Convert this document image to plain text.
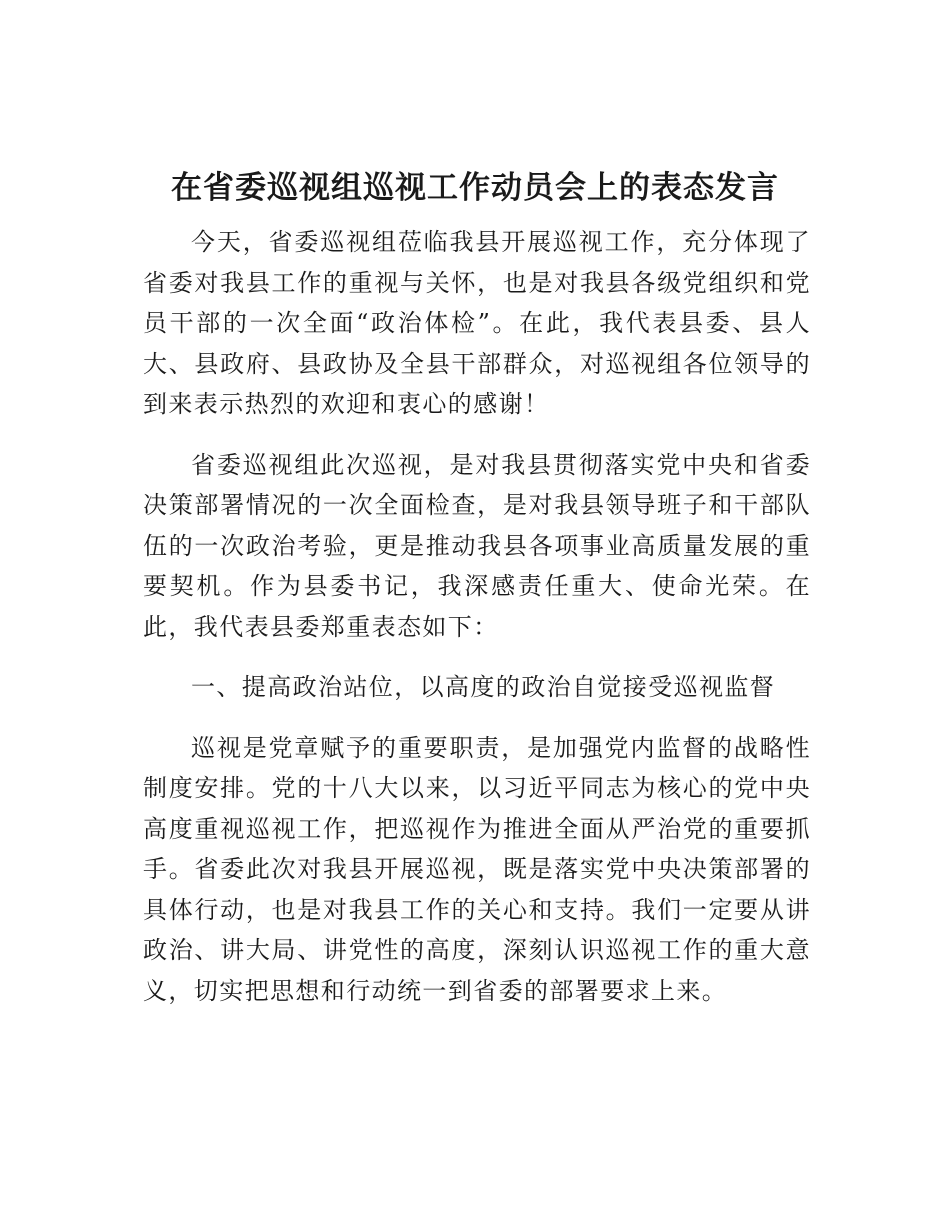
在省委巡视组巡视工作动员会上的表态发言

今天，省委巡视组莅临我县开展巡视工作，充分体现了省委对我县工作的重视与关怀，也是对我县各级党组织和党员干部的一次全面“政治体检”。在此，我代表县委、县人大、县政府、县政协及全县干部群众，对巡视组各位领导的到来表示热烈的欢迎和衷心的感谢！

省委巡视组此次巡视，是对我县贯彻落实党中央和省委决策部署情况的一次全面检查，是对我县领导班子和干部队伍的一次政治考验，更是推动我县各项事业高质量发展的重要契机。作为县委书记，我深感责任重大、使命光荣。在此，我代表县委郑重表态如下：

一、提高政治站位，以高度的政治自觉接受巡视监督

巡视是党章赋予的重要职责，是加强党内监督的战略性制度安排。党的十八大以来，以习近平同志为核心的党中央高度重视巡视工作，把巡视作为推进全面从严治党的重要抓手。省委此次对我县开展巡视，既是落实党中央决策部署的具体行动，也是对我县工作的关心和支持。我们一定要从讲政治、讲大局、讲党性的高度，深刻认识巡视工作的重大意义，切实把思想和行动统一到省委的部署要求上来。
